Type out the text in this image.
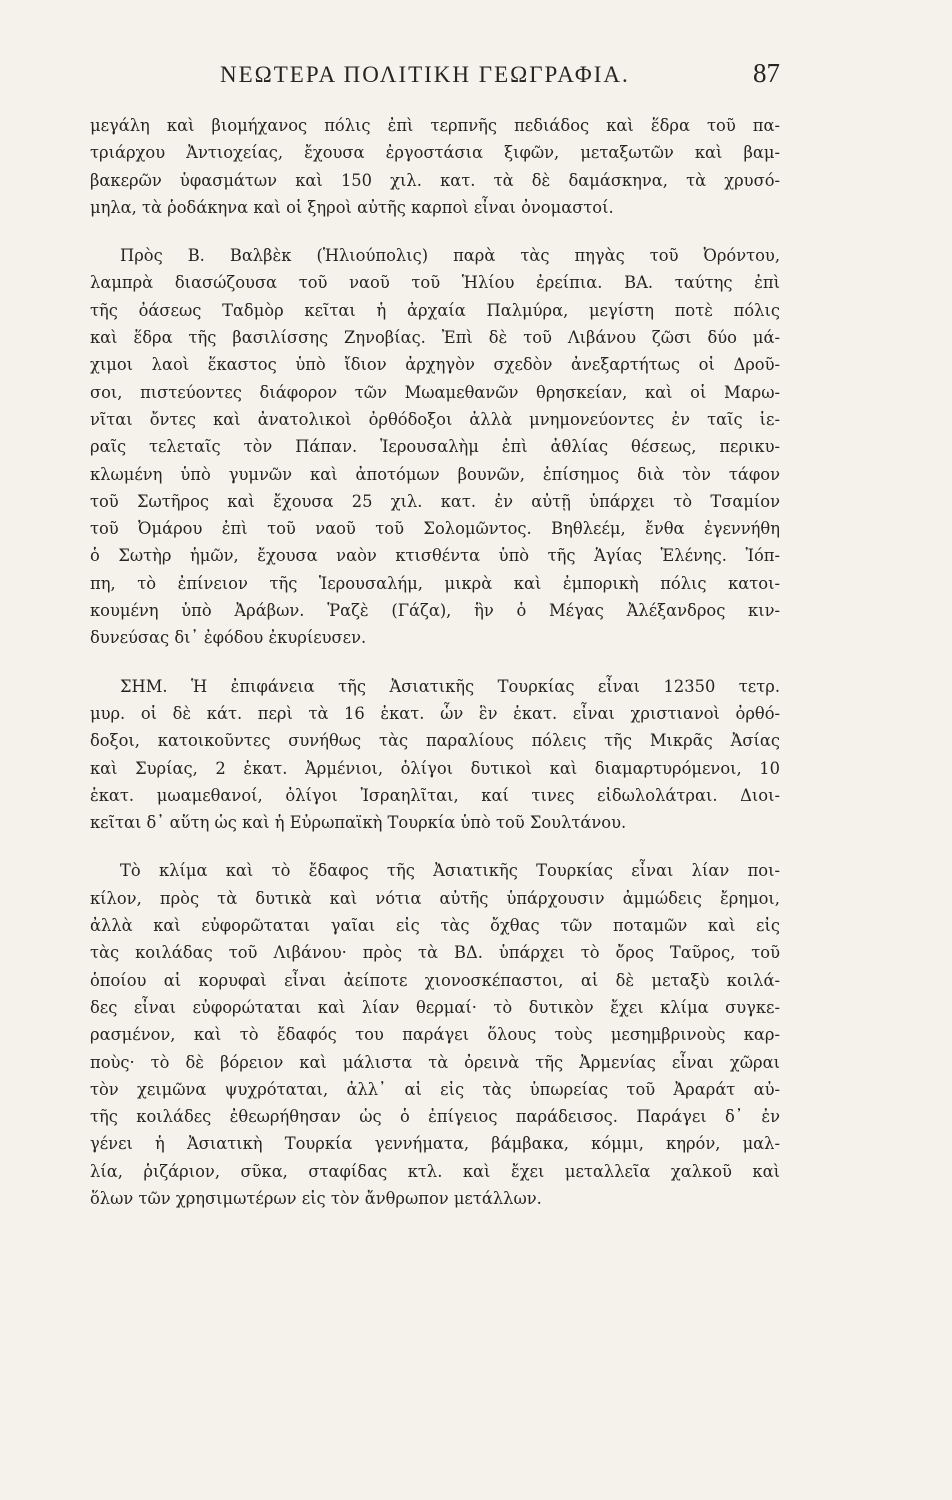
ΝΕΩΤΕΡΑ ΠΟΛΙΤΙΚΗ ΓΕΩΓΡΑΦΙΑ.	87
μεγάλη καὶ βιομήχανος πόλις ἐπὶ τερπνῆς πεδιάδος καὶ ἕδρα τοῦ πα-
τριάρχου Ἀντιοχείας, ἔχουσα ἐργοστάσια ξιφῶν, μεταξωτῶν καὶ βαμ-
βακερῶν ὑφασμάτων καὶ 150 χιλ. κατ. τὰ δὲ δαμάσκηνα, τὰ χρυσό-
μηλα, τὰ ῥοδάκηνα καὶ οἱ ξηροὶ αὐτῆς καρποὶ εἶναι ὀνομαστοί.
Πρὸς Β. Βαλβὲκ (Ἡλιούπολις) παρὰ τὰς πηγὰς τοῦ Ὀρόντου,
λαμπρὰ διασώζουσα τοῦ ναοῦ τοῦ Ἡλίου ἐρείπια. ΒΑ. ταύτης ἐπὶ
τῆς ὀάσεως Ταδμὸρ κεῖται ἡ ἀρχαία Παλμύρα, μεγίστη ποτὲ πόλις
καὶ ἕδρα τῆς βασιλίσσης Ζηνοβίας. Ἐπὶ δὲ τοῦ Λιβάνου ζῶσι δύο μά-
χιμοι λαοὶ ἕκαστος ὑπὸ ἴδιον ἀρχηγὸν σχεδὸν ἀνεξαρτήτως οἱ Δροῦ-
σοι, πιστεύοντες διάφορον τῶν Μωαμεθανῶν θρησκείαν, καὶ οἱ Μαρω-
νῖται ὄντες καὶ ἀνατολικοὶ ὀρθόδοξοι ἀλλὰ μνημονεύοντες ἐν ταῖς ἱε-
ραῖς τελεταῖς τὸν Πάπαν. Ἱερουσαλὴμ ἐπὶ ἀθλίας θέσεως, περικυ-
κλωμένη ὑπὸ γυμνῶν καὶ ἀποτόμων βουνῶν, ἐπίσημος διὰ τὸν τάφον
τοῦ Σωτῆρος καὶ ἔχουσα 25 χιλ. κατ. ἐν αὐτῇ ὑπάρχει τὸ Τσαμίον
τοῦ Ὀμάρου ἐπὶ τοῦ ναοῦ τοῦ Σολομῶντος. Βηθλεέμ, ἔνθα ἐγεννήθη
ὁ Σωτὴρ ἡμῶν, ἔχουσα ναὸν κτισθέντα ὑπὸ τῆς Ἁγίας Ἑλένης. Ἰόπ-
πη, τὸ ἐπίνειον τῆς Ἱερουσαλήμ, μικρὰ καὶ ἐμπορικὴ πόλις κατοι-
κουμένη ὑπὸ Ἀράβων. Ῥαζὲ (Γάζα), ἣν ὁ Μέγας Ἀλέξανδρος κιν-
δυνεύσας δι᾽ ἐφόδου ἐκυρίευσεν.
ΣΗΜ. Ἡ ἐπιφάνεια τῆς Ἀσιατικῆς Τουρκίας εἶναι 12350 τετρ.
μυρ. οἱ δὲ κάτ. περὶ τὰ 16 ἑκατ. ὧν ἓν ἑκατ. εἶναι χριστιανοὶ ὀρθό-
δοξοι, κατοικοῦντες συνήθως τὰς παραλίους πόλεις τῆς Μικρᾶς Ἀσίας
καὶ Συρίας, 2 ἑκατ. Ἀρμένιοι, ὀλίγοι δυτικοὶ καὶ διαμαρτυρόμενοι, 10
ἑκατ. μωαμεθανοί, ὀλίγοι Ἰσραηλῖται, καί τινες εἰδωλολάτραι. Διοι-
κεῖται δ᾽ αὕτη ὡς καὶ ἡ Εὐρωπαϊκὴ Τουρκία ὑπὸ τοῦ Σουλτάνου.
Τὸ κλίμα καὶ τὸ ἔδαφος τῆς Ἀσιατικῆς Τουρκίας εἶναι λίαν ποι-
κίλον, πρὸς τὰ δυτικὰ καὶ νότια αὐτῆς ὑπάρχουσιν ἀμμώδεις ἔρημοι,
ἀλλὰ καὶ εὐφορῶταται γαῖαι εἰς τὰς ὄχθας τῶν ποταμῶν καὶ εἰς
τὰς κοιλάδας τοῦ Λιβάνου· πρὸς τὰ ΒΔ. ὑπάρχει τὸ ὄρος Ταῦρος, τοῦ
ὁποίου αἱ κορυφαὶ εἶναι ἀείποτε χιονοσκέπαστοι, αἱ δὲ μεταξὺ κοιλά-
δες εἶναι εὐφορώταται καὶ λίαν θερμαί· τὸ δυτικὸν ἔχει κλίμα συγκε-
ρασμένον, καὶ τὸ ἔδαφός του παράγει ὅλους τοὺς μεσημβρινοὺς καρ-
ποὺς· τὸ δὲ βόρειον καὶ μάλιστα τὰ ὀρεινὰ τῆς Ἀρμενίας εἶναι χῶραι
τὸν χειμῶνα ψυχρόταται, ἀλλ᾽ αἱ εἰς τὰς ὑπωρείας τοῦ Ἀραράτ αὐ-
τῆς κοιλάδες ἐθεωρήθησαν ὡς ὁ ἐπίγειος παράδεισος. Παράγει δ᾽ ἐν
γένει ἡ Ἀσιατικὴ Τουρκία γεννήματα, βάμβακα, κόμμι, κηρόν, μαλ-
λία, ῥιζάριον, σῦκα, σταφίδας κτλ. καὶ ἔχει μεταλλεῖα χαλκοῦ καὶ
ὅλων τῶν χρησιμωτέρων εἰς τὸν ἄνθρωπον μετάλλων.
